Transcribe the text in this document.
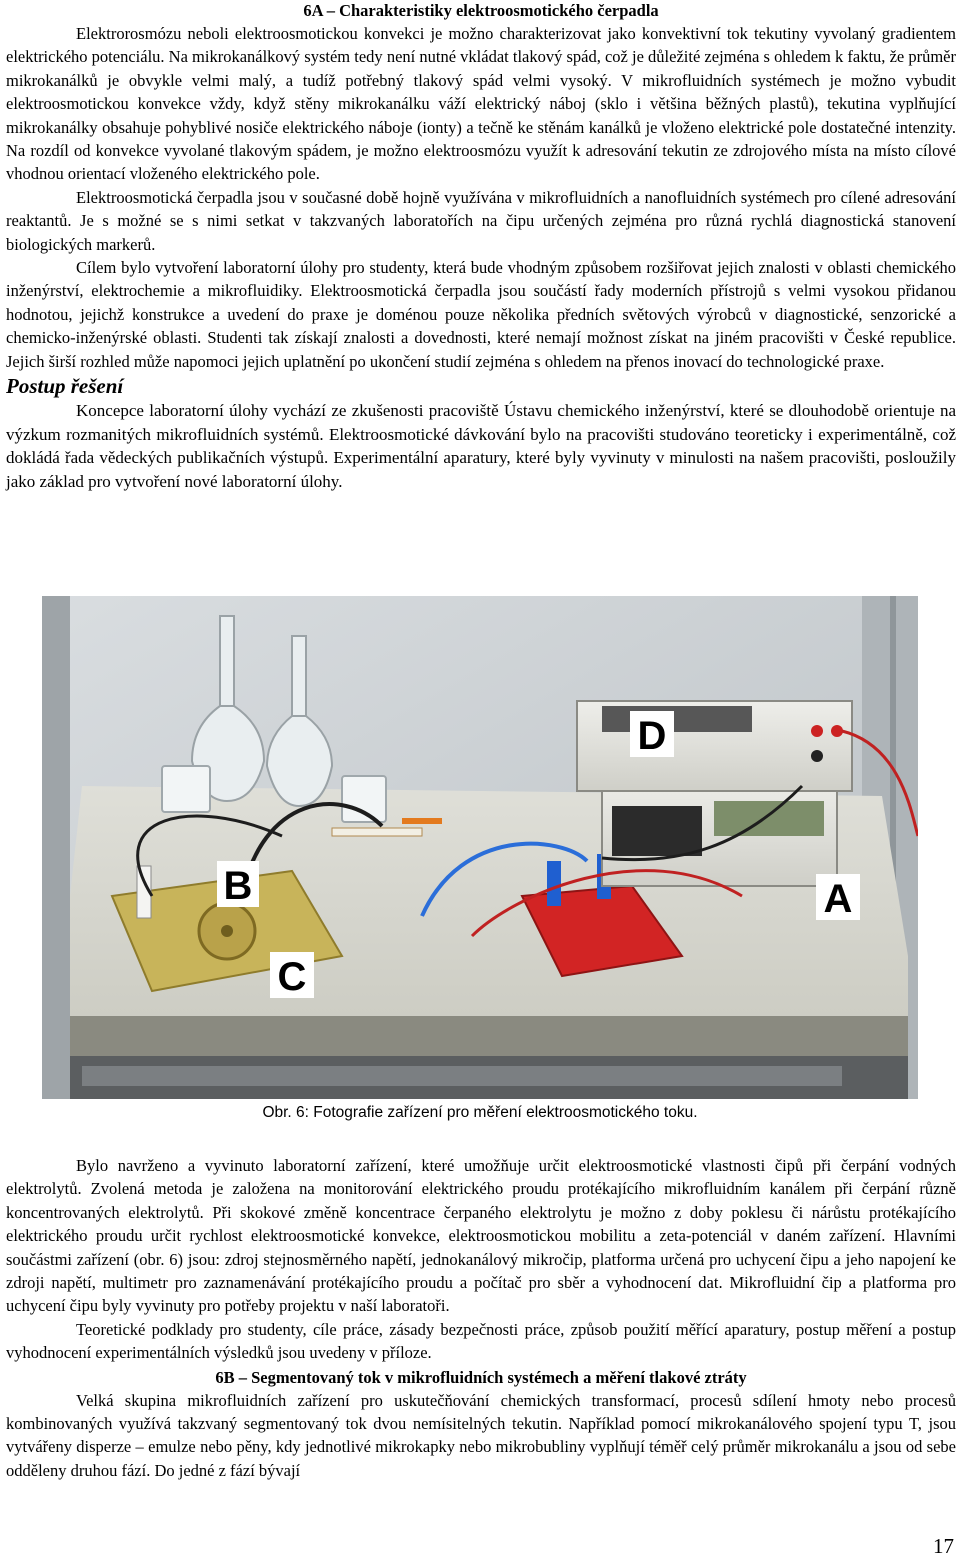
6A – Charakteristiky elektroosmotického čerpadla

Elektrorosmózu neboli elektroosmotickou konvekci je možno charakterizovat jako konvektivní tok tekutiny vyvolaný gradientem elektrického potenciálu. Na mikrokanálkový systém tedy není nutné vkládat tlakový spád, což je důležité zejména s ohledem k faktu, že průměr mikrokanálků je obvykle velmi malý, a tudíž potřebný tlakový spád velmi vysoký. V mikrofluidních systémech je možno vybudit elektroosmotickou konvekce vždy, když stěny mikrokanálku váží elektrický náboj (sklo i většina běžných plastů), tekutina vyplňující mikrokanálky obsahuje pohyblivé nosiče elektrického náboje (ionty) a tečně ke stěnám kanálků je vloženo elektrické pole dostatečné intenzity. Na rozdíl od konvekce vyvolané tlakovým spádem, je možno elektroosmózu využít k adresování tekutin ze zdrojového místa na místo cílové vhodnou orientací vloženého elektrického pole.

Elektroosmotická čerpadla jsou v současné době hojně využívána v mikrofluidních a nanofluidních systémech pro cílené adresování reaktantů. Je s možné se s nimi setkat v takzvaných laboratořích na čipu určených zejména pro různá rychlá diagnostická stanovení biologických markerů.

Cílem bylo vytvoření laboratorní úlohy pro studenty, která bude vhodným způsobem rozšiřovat jejich znalosti v oblasti chemického inženýrství, elektrochemie a mikrofluidiky. Elektroosmotická čerpadla jsou součástí řady moderních přístrojů s velmi vysokou přidanou hodnotou, jejichž konstrukce a uvedení do praxe je doménou pouze několika předních světových výrobců v diagnostické, senzorické a chemicko-inženýrské oblasti. Studenti tak získají znalosti a dovednosti, které nemají možnost získat na jiném pracovišti v České republice. Jejich širší rozhled může napomoci jejich uplatnění po ukončení studií zejména s ohledem na přenos inovací do technologické praxe.

Postup řešení

Koncepce laboratorní úlohy vychází ze zkušenosti pracoviště Ústavu chemického inženýrství, které se dlouhodobě orientuje na výzkum rozmanitých mikrofluidních systémů. Elektroosmotické dávkování bylo na pracovišti studováno teoreticky i experimentálně, což dokládá řada vědeckých publikačních výstupů. Experimentální aparatury, které byly vyvinuty v minulosti na našem pracovišti, posloužily jako základ pro vytvoření nové laboratorní úlohy.

B
C
D
A
Obr. 6: Fotografie zařízení pro měření elektroosmotického toku.

Bylo navrženo a vyvinuto laboratorní zařízení, které umožňuje určit elektroosmotické vlastnosti čipů při čerpání vodných elektrolytů. Zvolená metoda je založena na monitorování elektrického proudu protékajícího mikrofluidním kanálem při čerpání různě koncentrovaných elektrolytů. Při skokové změně koncentrace čerpaného elektrolytu je možno z doby poklesu či nárůstu protékajícího elektrického proudu určit rychlost elektroosmotické konvekce, elektroosmotickou mobilitu a zeta-potenciál v daném zařízení. Hlavními součástmi zařízení (obr. 6) jsou: zdroj stejnosměrného napětí, jednokanálový mikročip, platforma určená pro uchycení čipu a jeho napojení ke zdroji napětí, multimetr pro zaznamenávání protékajícího proudu a počítač pro sběr a vyhodnocení dat. Mikrofluidní čip a platforma pro uchycení čipu byly vyvinuty pro potřeby projektu v naší laboratoři.

Teoretické podklady pro studenty, cíle práce, zásady bezpečnosti práce, způsob použití měřící aparatury, postup měření a postup vyhodnocení experimentálních výsledků jsou uvedeny v příloze.

6B – Segmentovaný tok v mikrofluidních systémech a měření tlakové ztráty

Velká skupina mikrofluidních zařízení pro uskutečňování chemických transformací, procesů sdílení hmoty nebo procesů kombinovaných využívá takzvaný segmentovaný tok dvou nemísitelných tekutin. Například pomocí mikrokanálového spojení typu T, jsou vytvářeny disperze – emulze nebo pěny, kdy jednotlivé mikrokapky nebo mikrobubliny vyplňují téměř celý průměr mikrokanálu a jsou od sebe odděleny druhou fází. Do jedné z fází bývají

17
